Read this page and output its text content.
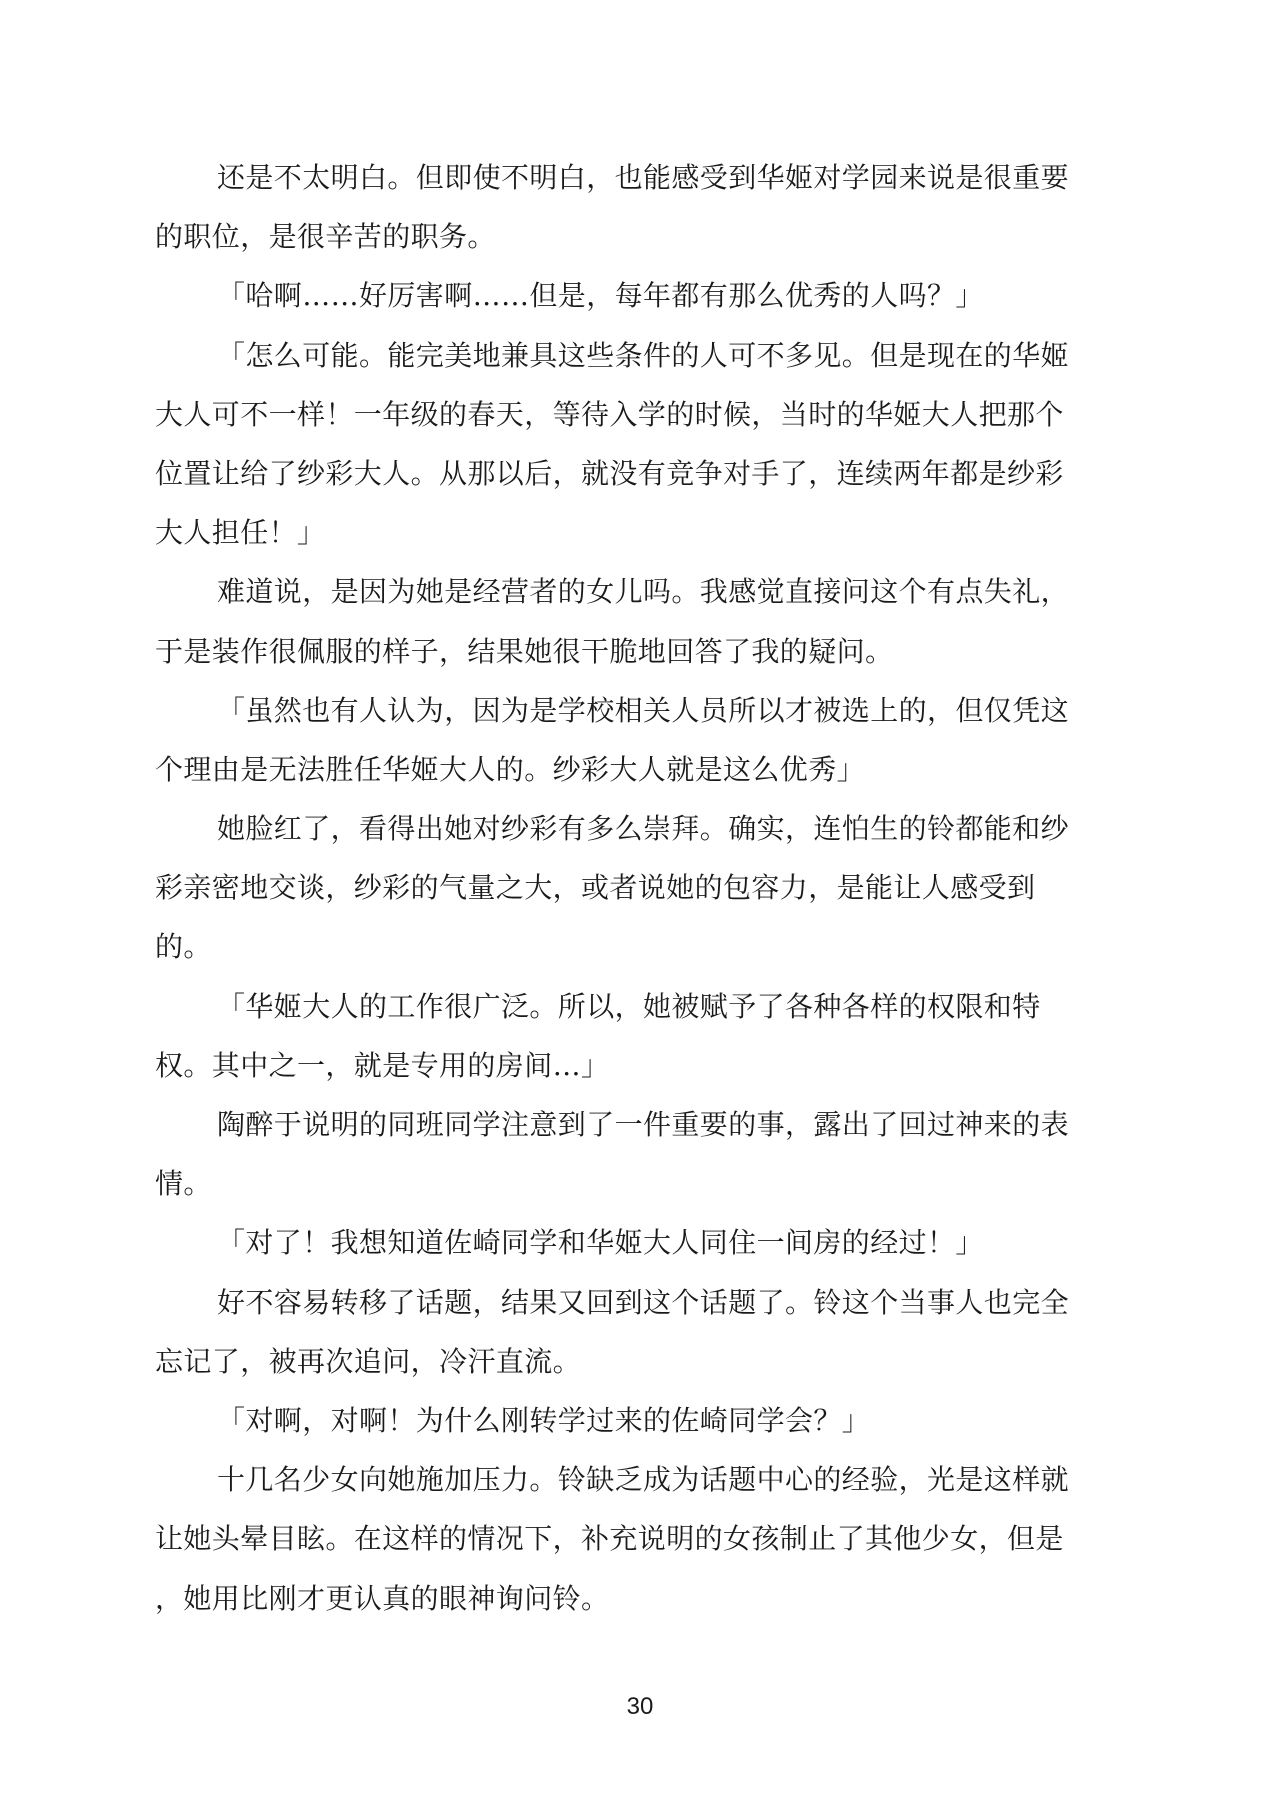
还是不太明白。但即使不明白，也能感受到华姬对学园来说是很重要
的职位，是很辛苦的职务。
「哈啊……好厉害啊……但是，每年都有那么优秀的人吗？」
「怎么可能。能完美地兼具这些条件的人可不多见。但是现在的华姬
大人可不一样！一年级的春天，等待入学的时候，当时的华姬大人把那个
位置让给了纱彩大人。从那以后，就没有竞争对手了，连续两年都是纱彩
大人担任！」
难道说，是因为她是经营者的女儿吗。我感觉直接问这个有点失礼，
于是装作很佩服的样子，结果她很干脆地回答了我的疑问。
「虽然也有人认为，因为是学校相关人员所以才被选上的，但仅凭这
个理由是无法胜任华姬大人的。纱彩大人就是这么优秀」
她脸红了，看得出她对纱彩有多么崇拜。确实，连怕生的铃都能和纱
彩亲密地交谈，纱彩的气量之大，或者说她的包容力，是能让人感受到
的。
「华姬大人的工作很广泛。所以，她被赋予了各种各样的权限和特
权。其中之一，就是专用的房间…」
陶醉于说明的同班同学注意到了一件重要的事，露出了回过神来的表
情。
「对了！我想知道佐崎同学和华姬大人同住一间房的经过！」
好不容易转移了话题，结果又回到这个话题了。铃这个当事人也完全
忘记了，被再次追问，冷汗直流。
「对啊，对啊！为什么刚转学过来的佐崎同学会？」
十几名少女向她施加压力。铃缺乏成为话题中心的经验，光是这样就
让她头晕目眩。在这样的情况下，补充说明的女孩制止了其他少女，但是
，她用比刚才更认真的眼神询问铃。
30
